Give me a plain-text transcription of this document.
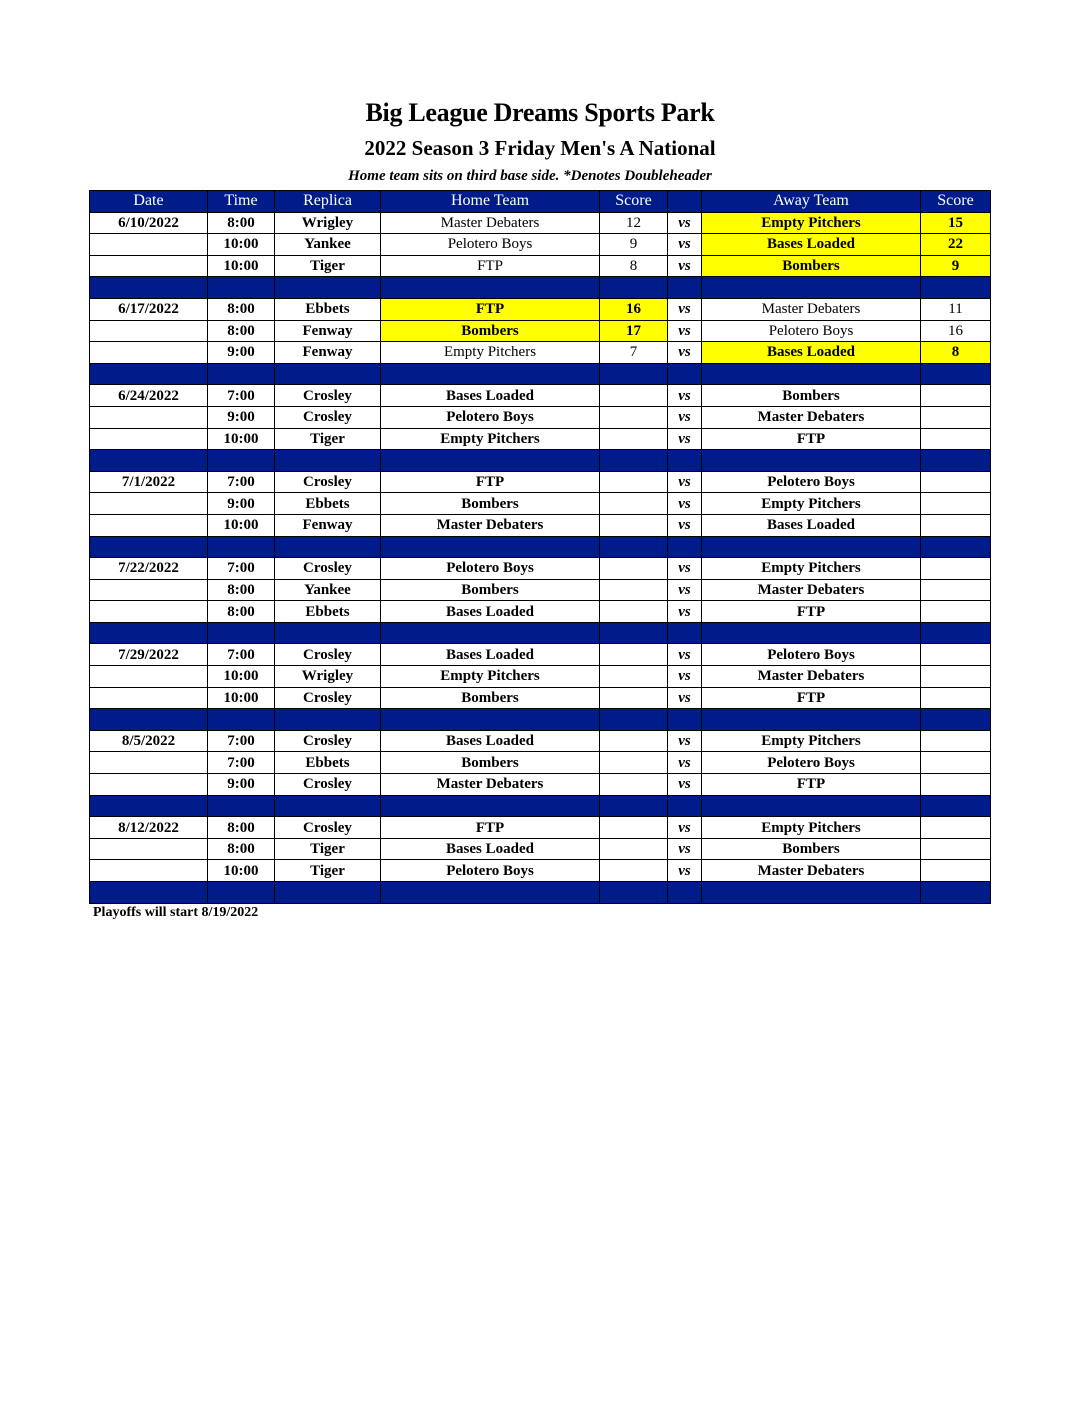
Big League Dreams Sports Park
2022 Season 3 Friday Men's A National
Home team sits on third base side. *Denotes Doubleheader
Date	Time	Replica	Home Team	Score		Away Team	Score
6/10/2022	8:00	Wrigley	Master Debaters	12	vs	Empty Pitchers	15
	10:00	Yankee	Pelotero Boys	9	vs	Bases Loaded	22
	10:00	Tiger	FTP	8	vs	Bombers	9

6/17/2022	8:00	Ebbets	FTP	16	vs	Master Debaters	11
	8:00	Fenway	Bombers	17	vs	Pelotero Boys	16
	9:00	Fenway	Empty Pitchers	7	vs	Bases Loaded	8

6/24/2022	7:00	Crosley	Bases Loaded		vs	Bombers	
	9:00	Crosley	Pelotero Boys		vs	Master Debaters	
	10:00	Tiger	Empty Pitchers		vs	FTP	

7/1/2022	7:00	Crosley	FTP		vs	Pelotero Boys	
	9:00	Ebbets	Bombers		vs	Empty Pitchers	
	10:00	Fenway	Master Debaters		vs	Bases Loaded	

7/22/2022	7:00	Crosley	Pelotero Boys		vs	Empty Pitchers	
	8:00	Yankee	Bombers		vs	Master Debaters	
	8:00	Ebbets	Bases Loaded		vs	FTP	

7/29/2022	7:00	Crosley	Bases Loaded		vs	Pelotero Boys	
	10:00	Wrigley	Empty Pitchers		vs	Master Debaters	
	10:00	Crosley	Bombers		vs	FTP	

8/5/2022	7:00	Crosley	Bases Loaded		vs	Empty Pitchers	
	7:00	Ebbets	Bombers		vs	Pelotero Boys	
	9:00	Crosley	Master Debaters		vs	FTP	

8/12/2022	8:00	Crosley	FTP		vs	Empty Pitchers	
	8:00	Tiger	Bases Loaded		vs	Bombers	
	10:00	Tiger	Pelotero Boys		vs	Master Debaters	

Playoffs will start 8/19/2022
